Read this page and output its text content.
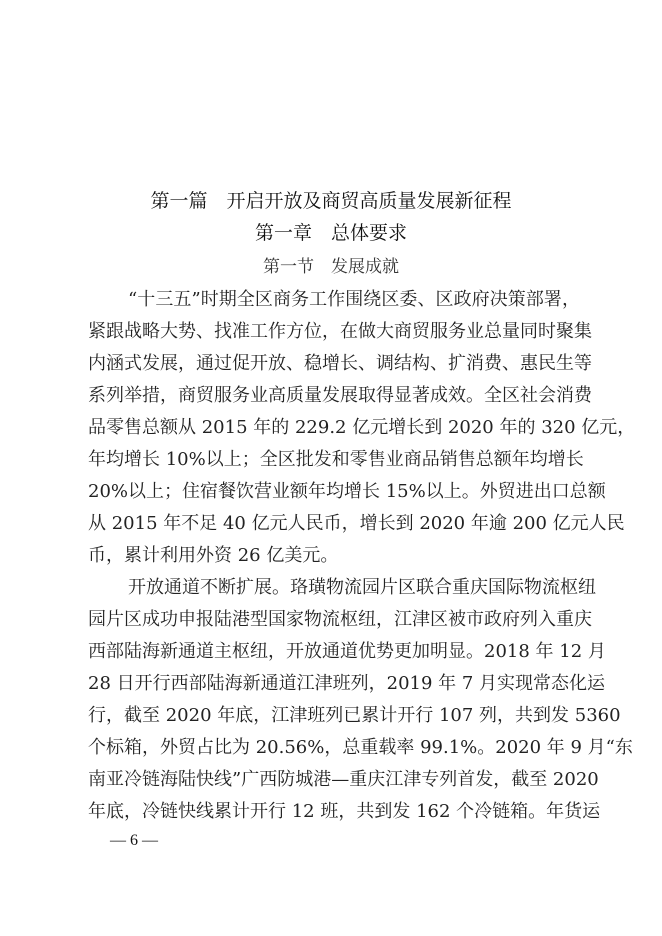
第一篇　开启开放及商贸高质量发展新征程
第一章　总体要求
第一节　发展成就
“十三五”时期全区商务工作围绕区委、区政府决策部署，
紧跟战略大势、找准工作方位，在做大商贸服务业总量同时聚集
内涵式发展，通过促开放、稳增长、调结构、扩消费、惠民生等
系列举措，商贸服务业高质量发展取得显著成效。全区社会消费
品零售总额从 2015 年的 229.2 亿元增长到 2020 年的 320 亿元，
年均增长 10%以上；全区批发和零售业商品销售总额年均增长
20%以上；住宿餐饮营业额年均增长 15%以上。外贸进出口总额
从 2015 年不足 40 亿元人民币，增长到 2020 年逾 200 亿元人民
币，累计利用外资 26 亿美元。
开放通道不断扩展。珞璜物流园片区联合重庆国际物流枢纽
园片区成功申报陆港型国家物流枢纽，江津区被市政府列入重庆
西部陆海新通道主枢纽，开放通道优势更加明显。2018 年 12 月
28 日开行西部陆海新通道江津班列，2019 年 7 月实现常态化运
行，截至 2020 年底，江津班列已累计开行 107 列，共到发 5360
个标箱，外贸占比为 20.56%，总重载率 99.1%。2020 年 9 月“东
南亚冷链海陆快线”广西防城港—重庆江津专列首发，截至 2020
年底，冷链快线累计开行 12 班，共到发 162 个冷链箱。年货运
— 6 —
